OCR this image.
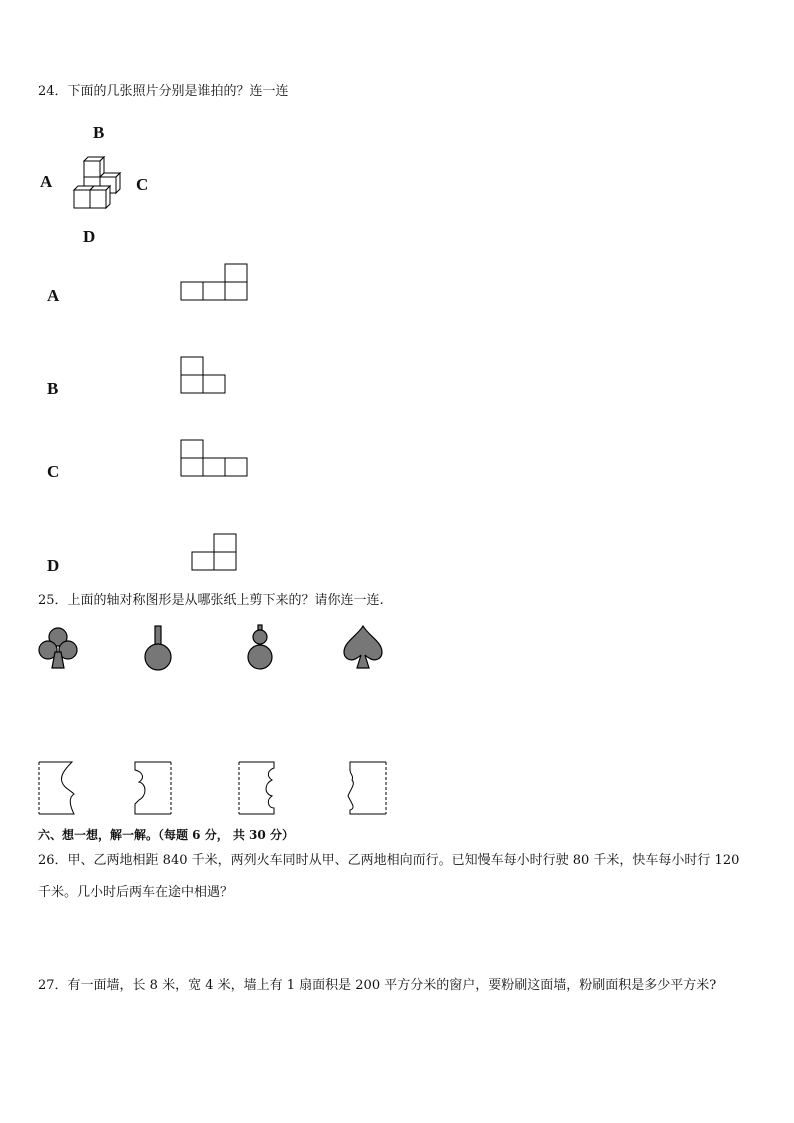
24．下面的几张照片分别是谁拍的？连一连
B
A	C
D
A
B
C
D
25．上面的轴对称图形是从哪张纸上剪下来的？请你连一连.
六、想一想，解一解。（每题 6 分， 共 30 分）
26．甲、乙两地相距 840 千米，两列火车同时从甲、乙两地相向而行。已知慢车每小时行驶 80 千米，快车每小时行 120
千米。几小时后两车在途中相遇？
27．有一面墙，长 8 米，宽 4 米，墙上有 1 扇面积是 200 平方分米的窗户，要粉刷这面墙，粉刷面积是多少平方米?
